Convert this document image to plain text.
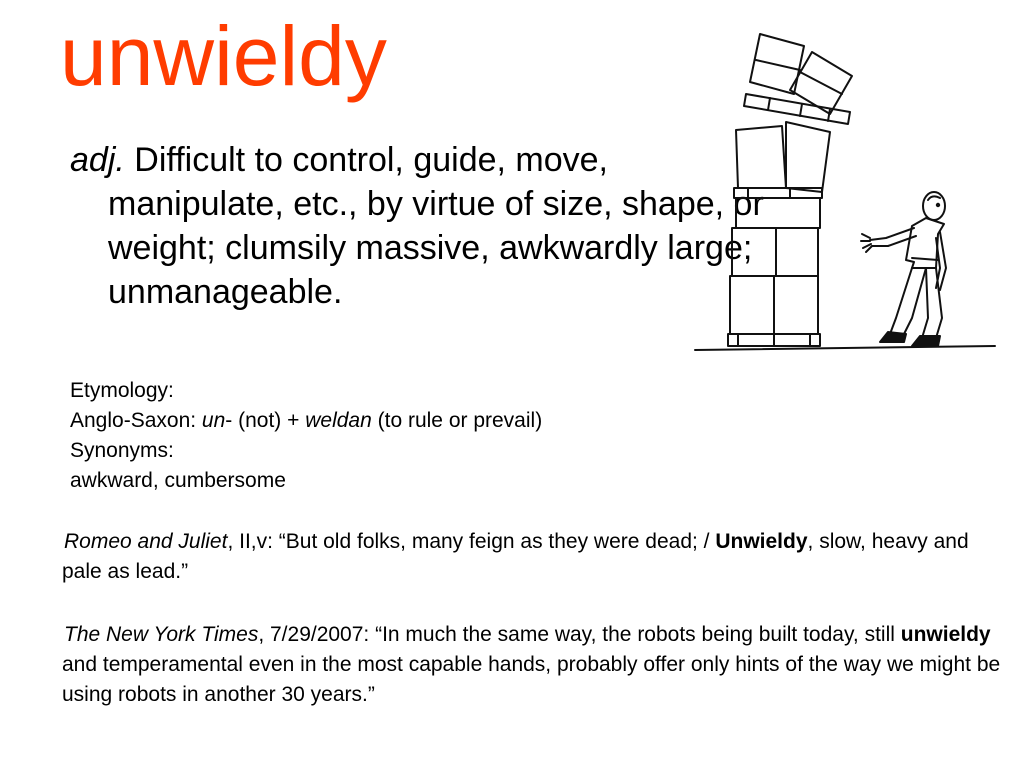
unwieldy
adj. Difficult to control, guide, move, manipulate, etc., by virtue of size, shape, or weight; clumsily massive, awkwardly large; unmanageable.
Etymology:
Anglo-Saxon: un- (not) + weldan (to rule or prevail)
Synonyms:
awkward, cumbersome
Romeo and Juliet, II,v: “But old folks, many feign as they were dead; / Unwieldy, slow, heavy and pale as lead.”
The New York Times, 7/29/2007: “In much the same way, the robots being built today, still unwieldy and temperamental even in the most capable hands, probably offer only hints of the way we might be using robots in another 30 years.”
